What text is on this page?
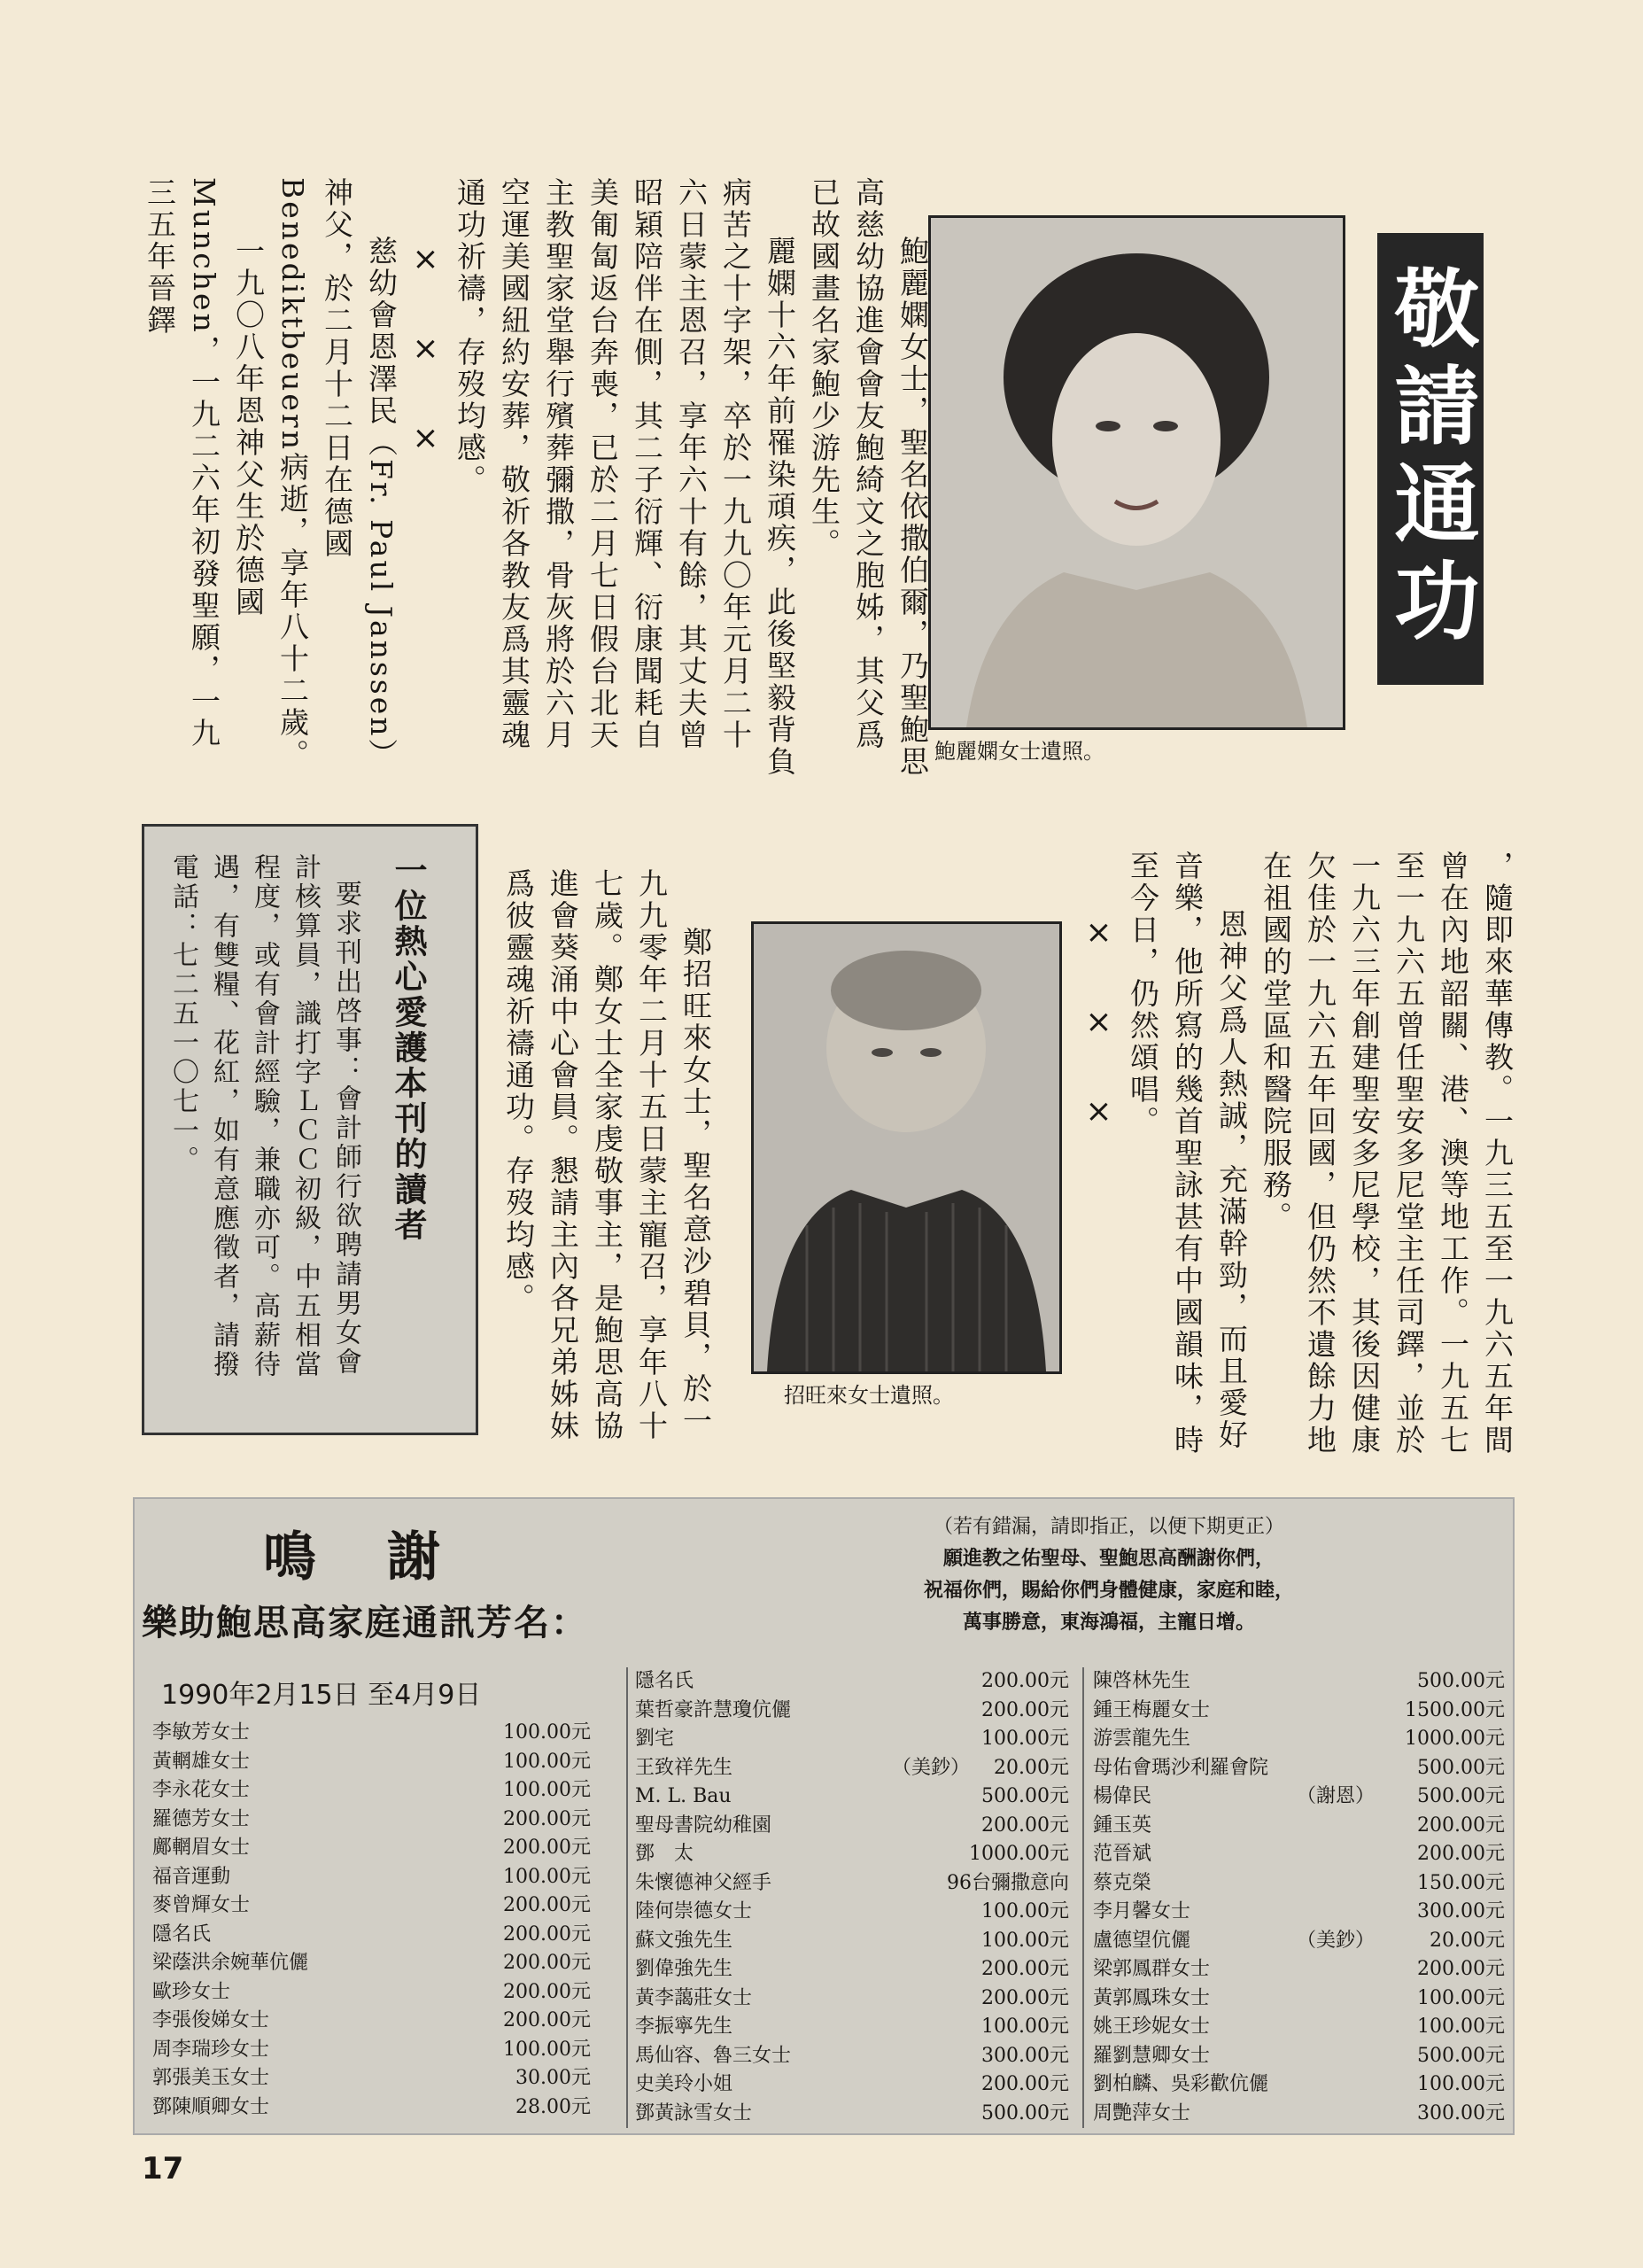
敬請通功
鮑麗嫻女士遺照。

鮑麗嫻女士，聖名依撒伯爾，乃聖鮑思高慈幼協進會會友鮑綺文之胞姊，其父爲已故國畫名家鮑少游先生。

麗嫻十六年前罹染頑疾，此後堅毅背負病苦之十字架，卒於一九九〇年元月二十六日蒙主恩召，享年六十有餘，其丈夫曾昭穎陪伴在側，其二子衍輝、衍康聞耗自美匍匐返台奔喪，已於二月七日假台北天主教聖家堂舉行殯葬彌撒，骨灰將於六月空運美國紐約安葬，敬祈各教友爲其靈魂通功祈禱，存歿均感。

×××

慈幼會恩澤民（Fr. Paul Janssen）神父，於二月十二日在德國Benediktbeuern病逝，享年八十二歲。

一九〇八年恩神父生於德國Munchen，一九二六年初發聖願，一九三五年晉鐸

，隨即來華傳教。一九三五至一九六五年間曾在內地韶關、港、澳等地工作。一九五七至一九六五曾任聖安多尼堂主任司鐸，並於一九六三年創建聖安多尼學校，其後因健康欠佳於一九六五年回國，但仍然不遺餘力地在祖國的堂區和醫院服務。

恩神父爲人熱誠，充滿幹勁，而且愛好音樂，他所寫的幾首聖詠甚有中國韻味，時至今日，仍然頌唱。

×××

招旺來女士遺照。

鄭招旺來女士，聖名意沙碧貝，於一九九零年二月十五日蒙主寵召，享年八十七歲。鄭女士全家虔敬事主，是鮑思高協進會葵涌中心會員。懇請主內各兄弟姊妹爲彼靈魂祈禱通功。存歿均感。

一位熱心愛護本刊的讀者

要求刊出啓事：會計師行欲聘請男女會計核算員，識打字ＬＣＣ初級，中五相當程度，或有會計經驗，兼職亦可。高薪待遇，有雙糧、花紅，如有意應徵者，請撥電話：七二五一〇七一。

鳴謝
樂助鮑思高家庭通訊芳名：
（若有錯漏，請即指正，以便下期更正）
願進教之佑聖母、聖鮑思高酬謝你們，
祝福你們，賜給你們身體健康，家庭和睦，
萬事勝意，東海鴻福，主寵日增。
1990年2月15日 至4月9日
李敏芳女士	100.00元
黃輞雄女士	100.00元
李永花女士	100.00元
羅德芳女士	200.00元
鄺輞眉女士	200.00元
福音運動	100.00元
麥曾輝女士	200.00元
隱名氏	200.00元
梁蔭洪余婉華伉儷	200.00元
歐珍女士	200.00元
李張俊娣女士	200.00元
周李瑞珍女士	100.00元
郭張美玉女士	30.00元
鄧陳順卿女士	28.00元
隱名氏	200.00元
葉哲豪許慧瓊伉儷	200.00元
劉宅	100.00元
王致祥先生	（美鈔） 20.00元
M. L. Bau	500.00元
聖母書院幼稚園	200.00元
鄧　太	1000.00元
朱懷德神父經手	96台彌撒意向
陸何崇德女士	100.00元
蘇文強先生	100.00元
劉偉強先生	200.00元
黃李藹莊女士	200.00元
李振寧先生	100.00元
馬仙容、魯三女士	300.00元
史美玲小姐	200.00元
鄧黃詠雪女士	500.00元
陳啓林先生	500.00元
鍾王梅麗女士	1500.00元
游雲龍先生	1000.00元
母佑會瑪沙利羅會院	500.00元
楊偉民	（謝恩） 500.00元
鍾玉英	200.00元
范晉斌	200.00元
蔡克榮	150.00元
李月馨女士	300.00元
盧德望伉儷	（美鈔）	20.00元
梁郭鳳群女士	200.00元
黃郭鳳珠女士	100.00元
姚王珍妮女士	100.00元
羅劉慧卿女士	500.00元
劉柏麟、吳彩歡伉儷	100.00元
周艷萍女士	300.00元
17
